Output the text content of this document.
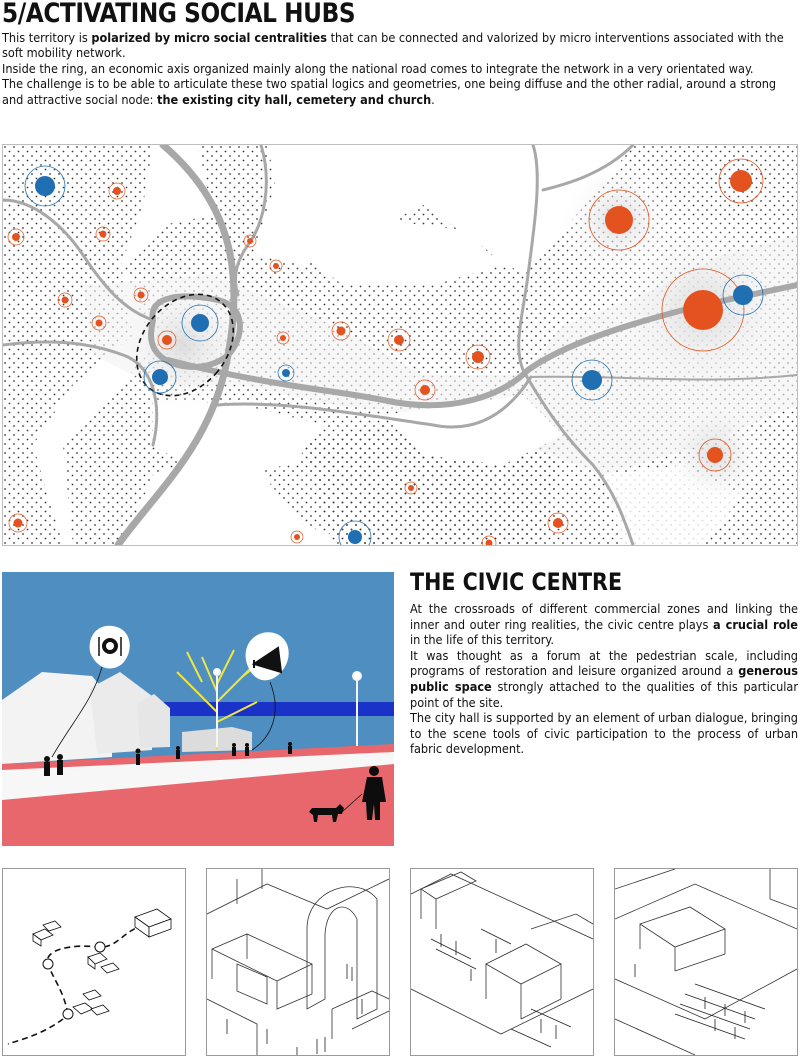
5/ACTIVATING SOCIAL HUBS

This territory is polarized by micro social centralities that can be connected and valorized by micro interventions associated with the soft mobility network.

Inside the ring, an economic axis organized mainly along the national road comes to integrate the network in a very orientated way.

The challenge is to be able to articulate these two spatial logics and geometries, one being diffuse and the other radial, around a strong and attractive social node: the existing city hall, cemetery and church.

THE CIVIC CENTRE

At the crossroads of different commercial zones and linking the inner and outer ring realities, the civic centre plays a crucial role in the life of this territory.

It was thought as a forum at the pedestrian scale, including programs of restoration and leisure organized around a generous public space strongly attached to the qualities of this particular point of the site.

The city hall is supported by an element of urban dialogue, bringing to the scene tools of civic participation to the process of urban fabric development.
